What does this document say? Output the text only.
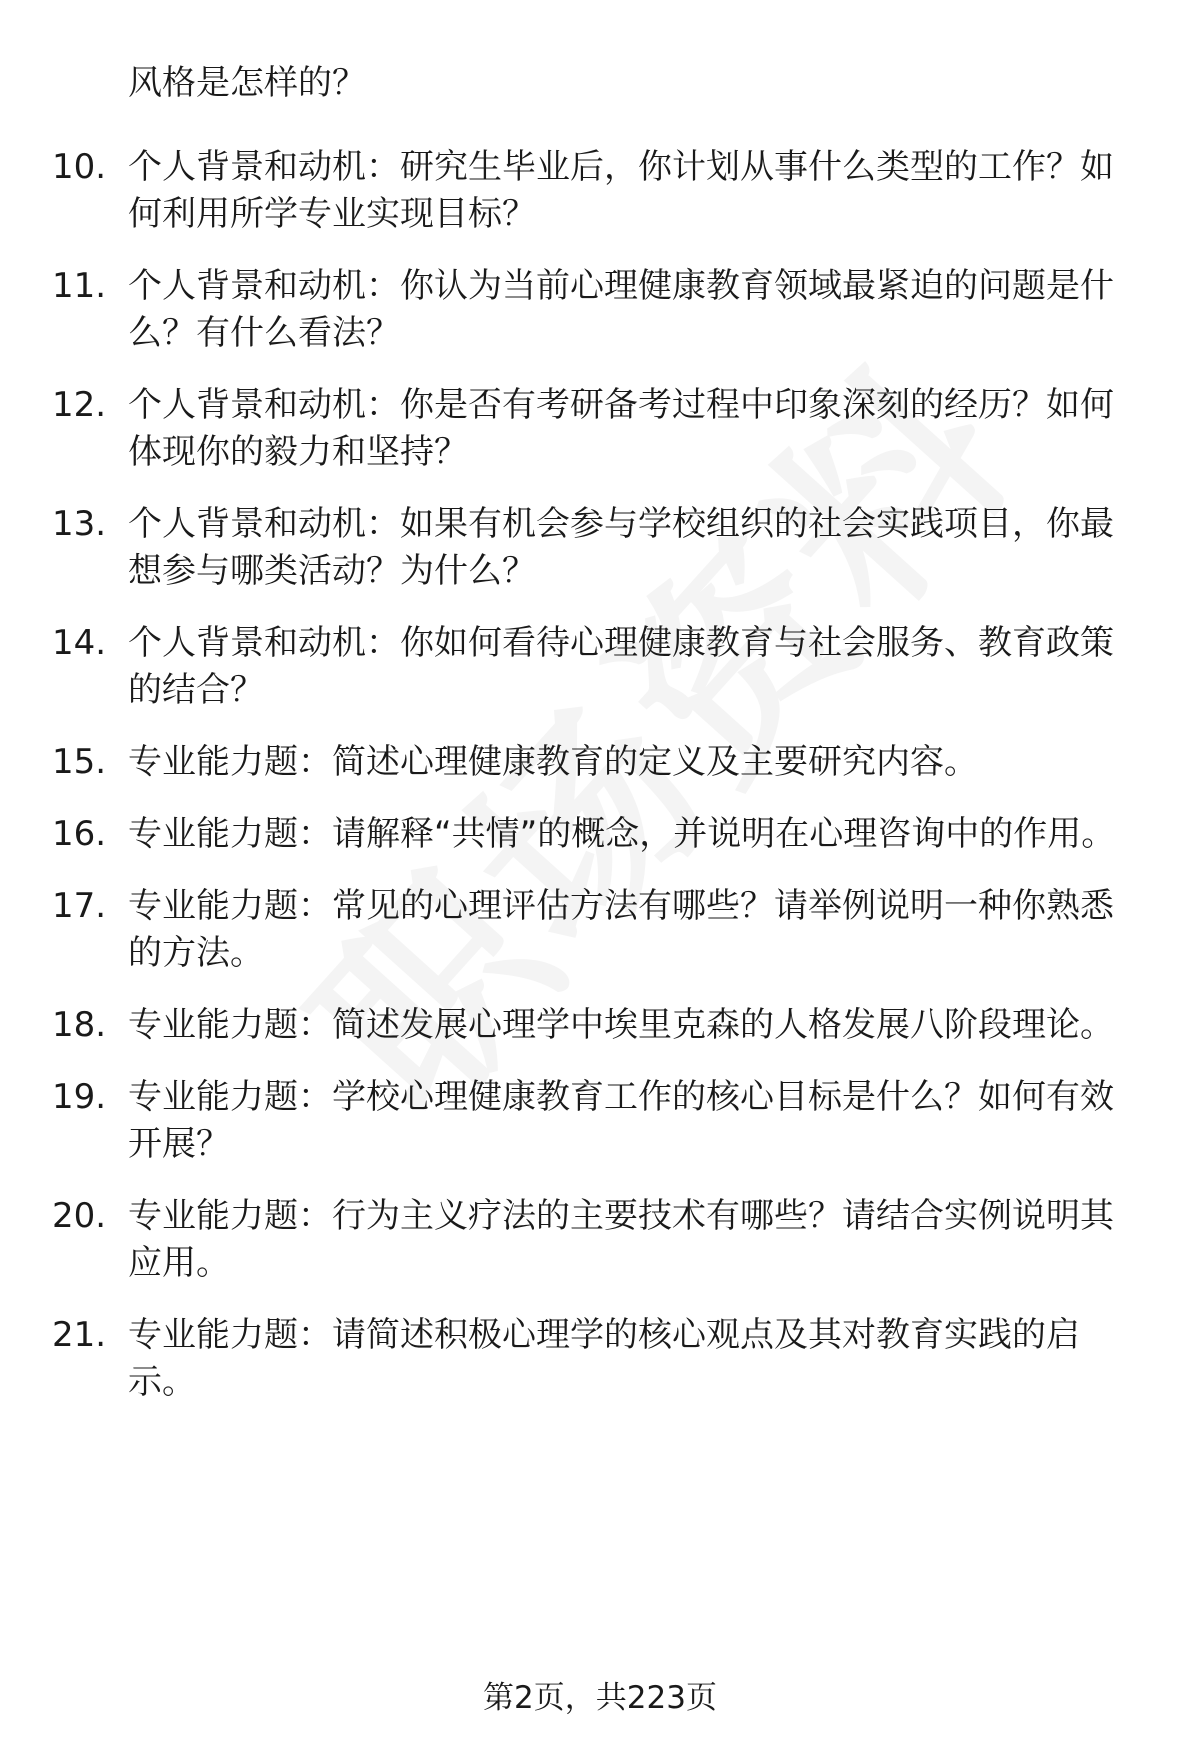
风格是怎样的？
10. 个人背景和动机：研究生毕业后，你计划从事什么类型的工作？如何利用所学专业实现目标？
11. 个人背景和动机：你认为当前心理健康教育领域最紧迫的问题是什么？有什么看法？
12. 个人背景和动机：你是否有考研备考过程中印象深刻的经历？如何体现你的毅力和坚持？
13. 个人背景和动机：如果有机会参与学校组织的社会实践项目，你最想参与哪类活动？为什么？
14. 个人背景和动机：你如何看待心理健康教育与社会服务、教育政策的结合？
15. 专业能力题：简述心理健康教育的定义及主要研究内容。
16. 专业能力题：请解释“共情”的概念，并说明在心理咨询中的作用。
17. 专业能力题：常见的心理评估方法有哪些？请举例说明一种你熟悉的方法。
18. 专业能力题：简述发展心理学中埃里克森的人格发展八阶段理论。
19. 专业能力题：学校心理健康教育工作的核心目标是什么？如何有效开展？
20. 专业能力题：行为主义疗法的主要技术有哪些？请结合实例说明其应用。
21. 专业能力题：请简述积极心理学的核心观点及其对教育实践的启示。
第2页，共223页
